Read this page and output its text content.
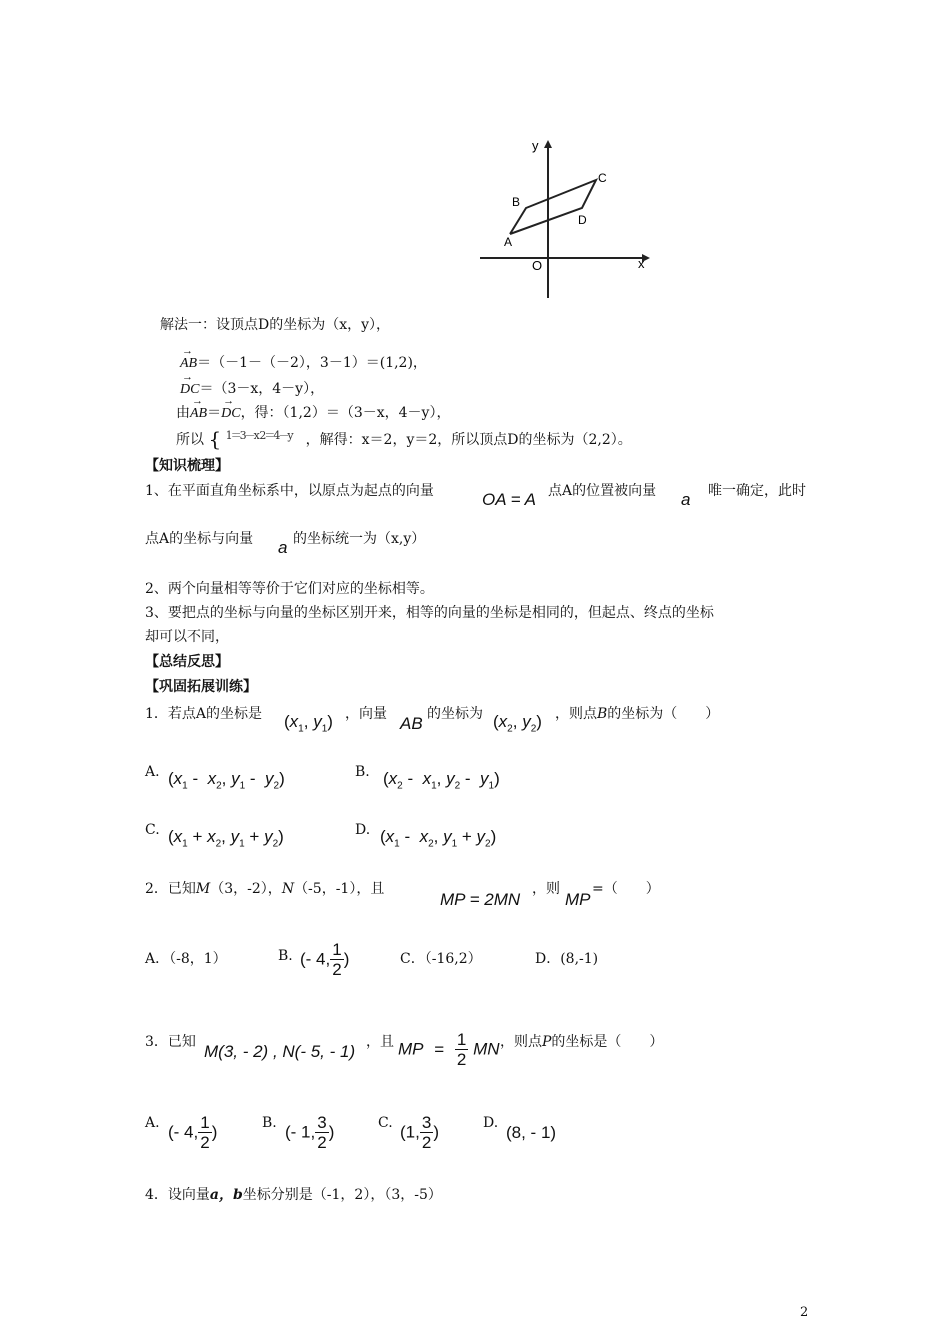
y
x
O
A
B
C
D
解法一：设顶点D的坐标为（x，y），
→ AB＝（－1－（－2），3－1）＝(1,2)，
→ DC＝（3－x，4－y），
由→ AB＝→ DC，得：（1,2）＝（3－x，4－y），
所以 { 1＝3－x 2＝4－y ，解得：x＝2，y＝2，所以顶点D的坐标为（2,2）。
【知识梳理】
1、在平面直角坐标系中，以原点为起点的向量	OA = A 点A的位置被向量 a 唯一确定，此时
点A的坐标与向量 a 的坐标统一为（x,y）
2、两个向量相等等价于它们对应的坐标相等。
3、要把点的坐标与向量的坐标区别开来，相等的向量的坐标是相同的，但起点、终点的坐标
却可以不同，
【总结反思】
【巩固拓展训练】
1．若点A的坐标是 ($x_1$, $y_1$) ，向量 AB 的坐标为 ($x_2$, $y_2$) ，则点B的坐标为（　　）
A. ($x_1 - x_2$, $y_1 - y_2$)	B. ($x_2 - x_1$, $y_2 - y_1$)
C. ($x_1 + x_2$, $y_1 + y_2$)	D. ($x_1 - x_2$, $y_1 + y_2$)
2．已知M（3，-2），N（-5，-1），且
MP = 2MN
，则
MP
=（　　）
A．（-8，1）	B. (- 4, $\frac{1}{2}$ )	C．（-16,2）	D．(8,-1)
3．已知 M(3, - 2) , N(- 5, - 1) ，且 MP = $\frac{1}{2}$ MN ，则点P的坐标是（　　）
A. (- 4, $\frac{1}{2}$ )	B. (- 1, $\frac{3}{2}$ )	C. (1, $\frac{3}{2}$ )	D. (8, - 1)
4．设向量a，b坐标分别是（-1，2），（3，-5）
2
